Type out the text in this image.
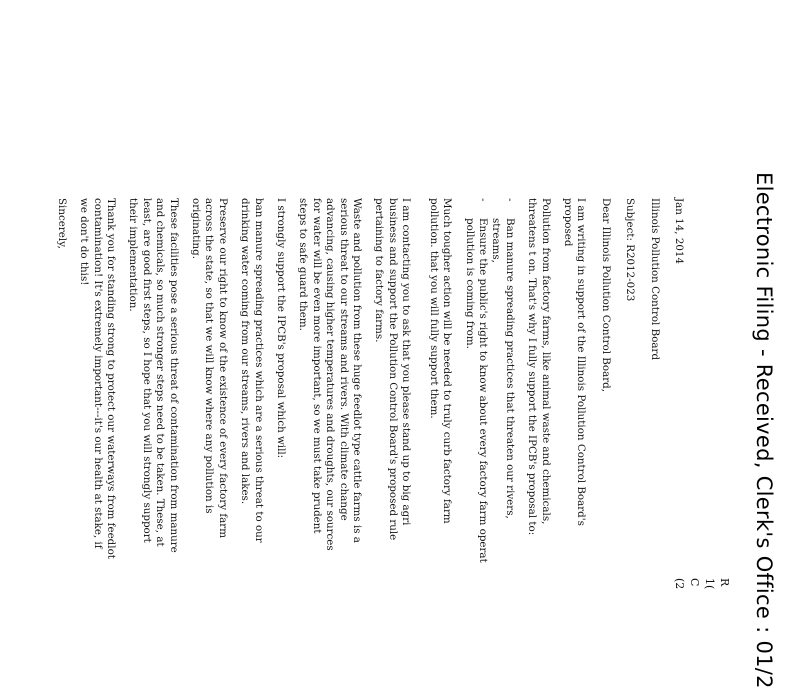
Electronic Filing - Received, Clerk's Office : 01/2
R
1(
C
(2

Jan 14, 2014

Illinois Pollution Control Board

Subject: R2012-023

Dear Illinois Pollution Control Board,

I am writing in support of the Illinois Pollution Control Board's proposed

Pollution from factory farms, like animal waste and chemicals, threatens t on. That's why I fully support the IPCB's proposal to:

-
Ban manure spreading practices that threaten our rivers, streams,
-
Ensure the public's right to know about every factory farm operat pollution is coming from.

Much tougher action will be needed to truly curb factory farm pollution. that you will fully support them.

I am contacting you to ask that you please stand up to big agri business and support the Pollution Control Board's proposed rule pertaining to factory farms.

Waste and pollution from these huge feedlot type cattle farms is a serious threat to our streams and rivers. With climate change advancing, causing higher temperatures and droughts, our sources for water will be even more important, so we must take prudent steps to safe guard them.

I strongly support the IPCB's proposal which will:

ban manure spreading practices which are a serious threat to our drinking water coming from our streams, rivers and lakes.

Preserve our right to know of the existence of every factory farm across the state, so that we will know where any pollution is originating.

These facilities pose a serious threat of contamination from manure and chemicals, so much stronger steps need to be taken. These, at least, are good first steps, so I hope that you will strongly support their implementation.

Thank you for standing strong to protect our waterways from feedlot contamination! It's extremely important---it's our health at stake, if we don't do this!

Sincerely,
